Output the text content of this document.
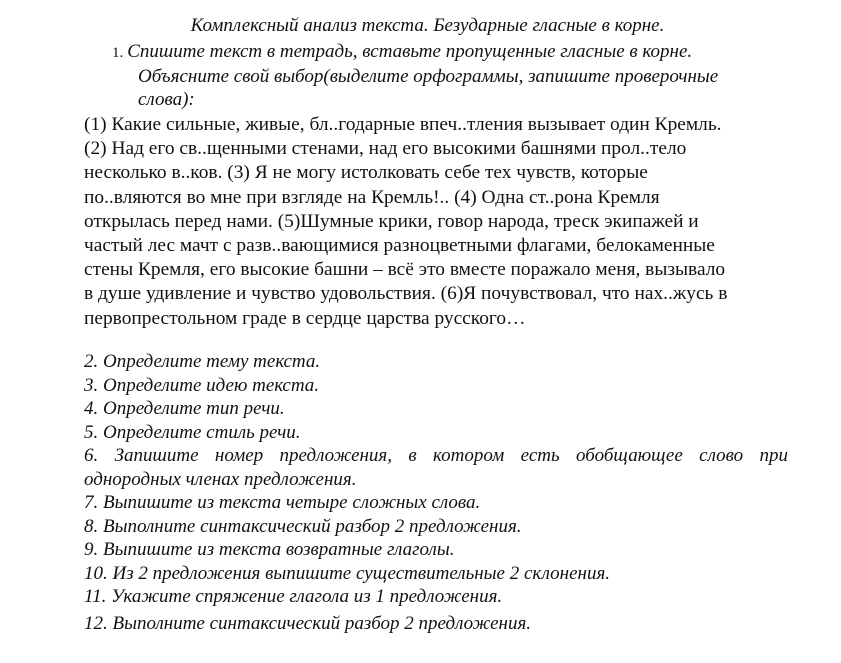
Комплексный анализ текста. Безударные гласные в корне.
1. Спишите текст в тетрадь, вставьте пропущенные гласные в корне.
Объясните свой выбор(выделите орфограммы, запишите проверочные
слова):
(1) Какие сильные, живые, бл..годарные впеч..тления вызывает один Кремль.
(2) Над его св..щенными стенами, над его высокими башнями прол..тело
несколько в..ков. (3) Я не могу истолковать себе тех чувств, которые
по..вляются во мне при взгляде на Кремль!.. (4) Одна ст..рона Кремля
открылась перед нами. (5)Шумные крики, говор народа, треск экипажей и
частый лес мачт с разв..вающимися разноцветными флагами, белокаменные
стены Кремля, его высокие башни – всё это вместе поражало меня, вызывало
в душе удивление и чувство удовольствия. (6)Я почувствовал, что нах..жусь в
первопрестольном граде в сердце царства русского…
2. Определите тему текста.
3. Определите идею текста.
4. Определите тип речи.
5. Определите стиль речи.
6. Запишите номер предложения, в котором есть обобщающее слово при
однородных членах предложения.
7. Выпишите из текста четыре сложных слова.
8. Выполните синтаксический разбор 2 предложения.
9. Выпишите из текста возвратные глаголы.
10. Из 2 предложения выпишите существительные 2 склонения.
11. Укажите спряжение глагола из 1 предложения.
12. Выполните синтаксический разбор 2 предложения.
